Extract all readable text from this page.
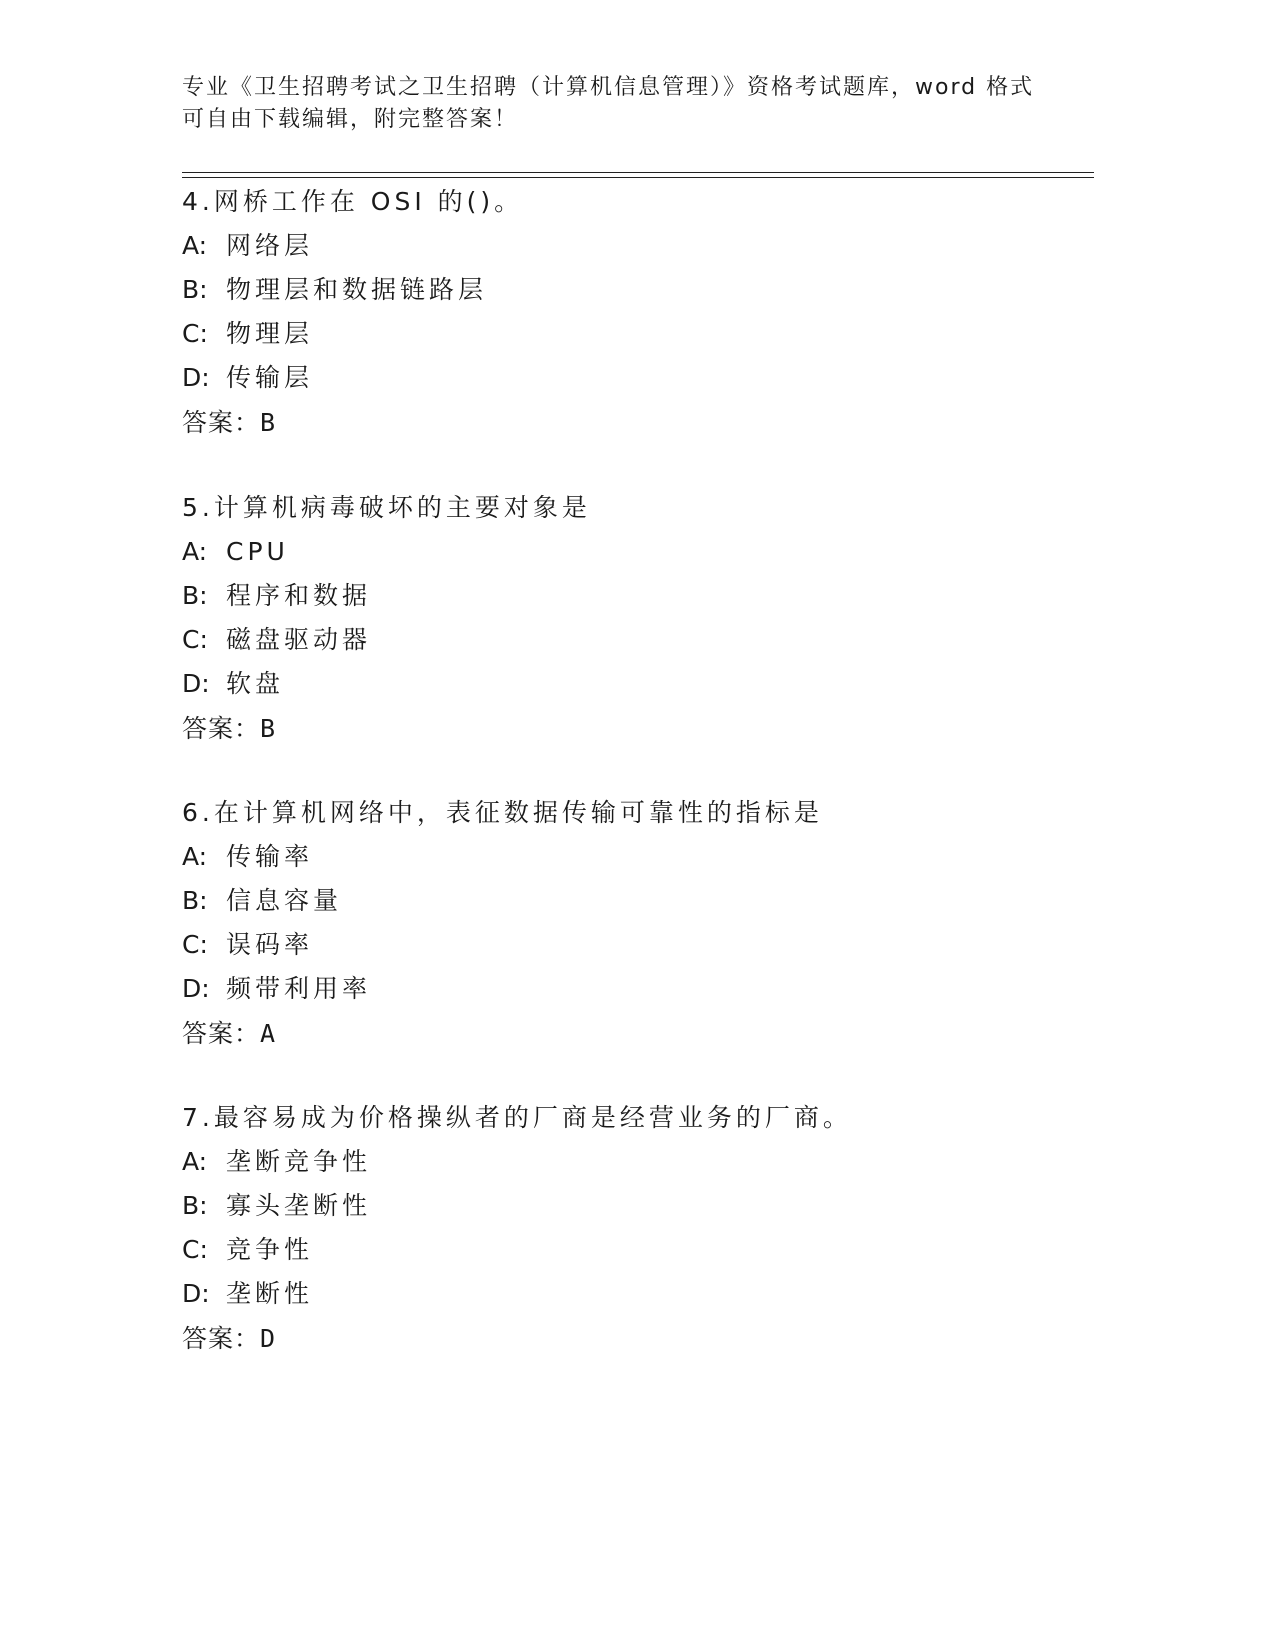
专业《卫生招聘考试之卫生招聘（计算机信息管理）》资格考试题库，word 格式
可自由下载编辑，附完整答案！
4.网桥工作在 OSI 的()。
A: 网络层
B: 物理层和数据链路层
C: 物理层
D: 传输层
答案：B
5.计算机病毒破坏的主要对象是
A: CPU
B: 程序和数据
C: 磁盘驱动器
D: 软盘
答案：B
6.在计算机网络中，表征数据传输可靠性的指标是
A: 传输率
B: 信息容量
C: 误码率
D: 频带利用率
答案：A
7.最容易成为价格操纵者的厂商是经营业务的厂商。
A: 垄断竞争性
B: 寡头垄断性
C: 竞争性
D: 垄断性
答案：D
